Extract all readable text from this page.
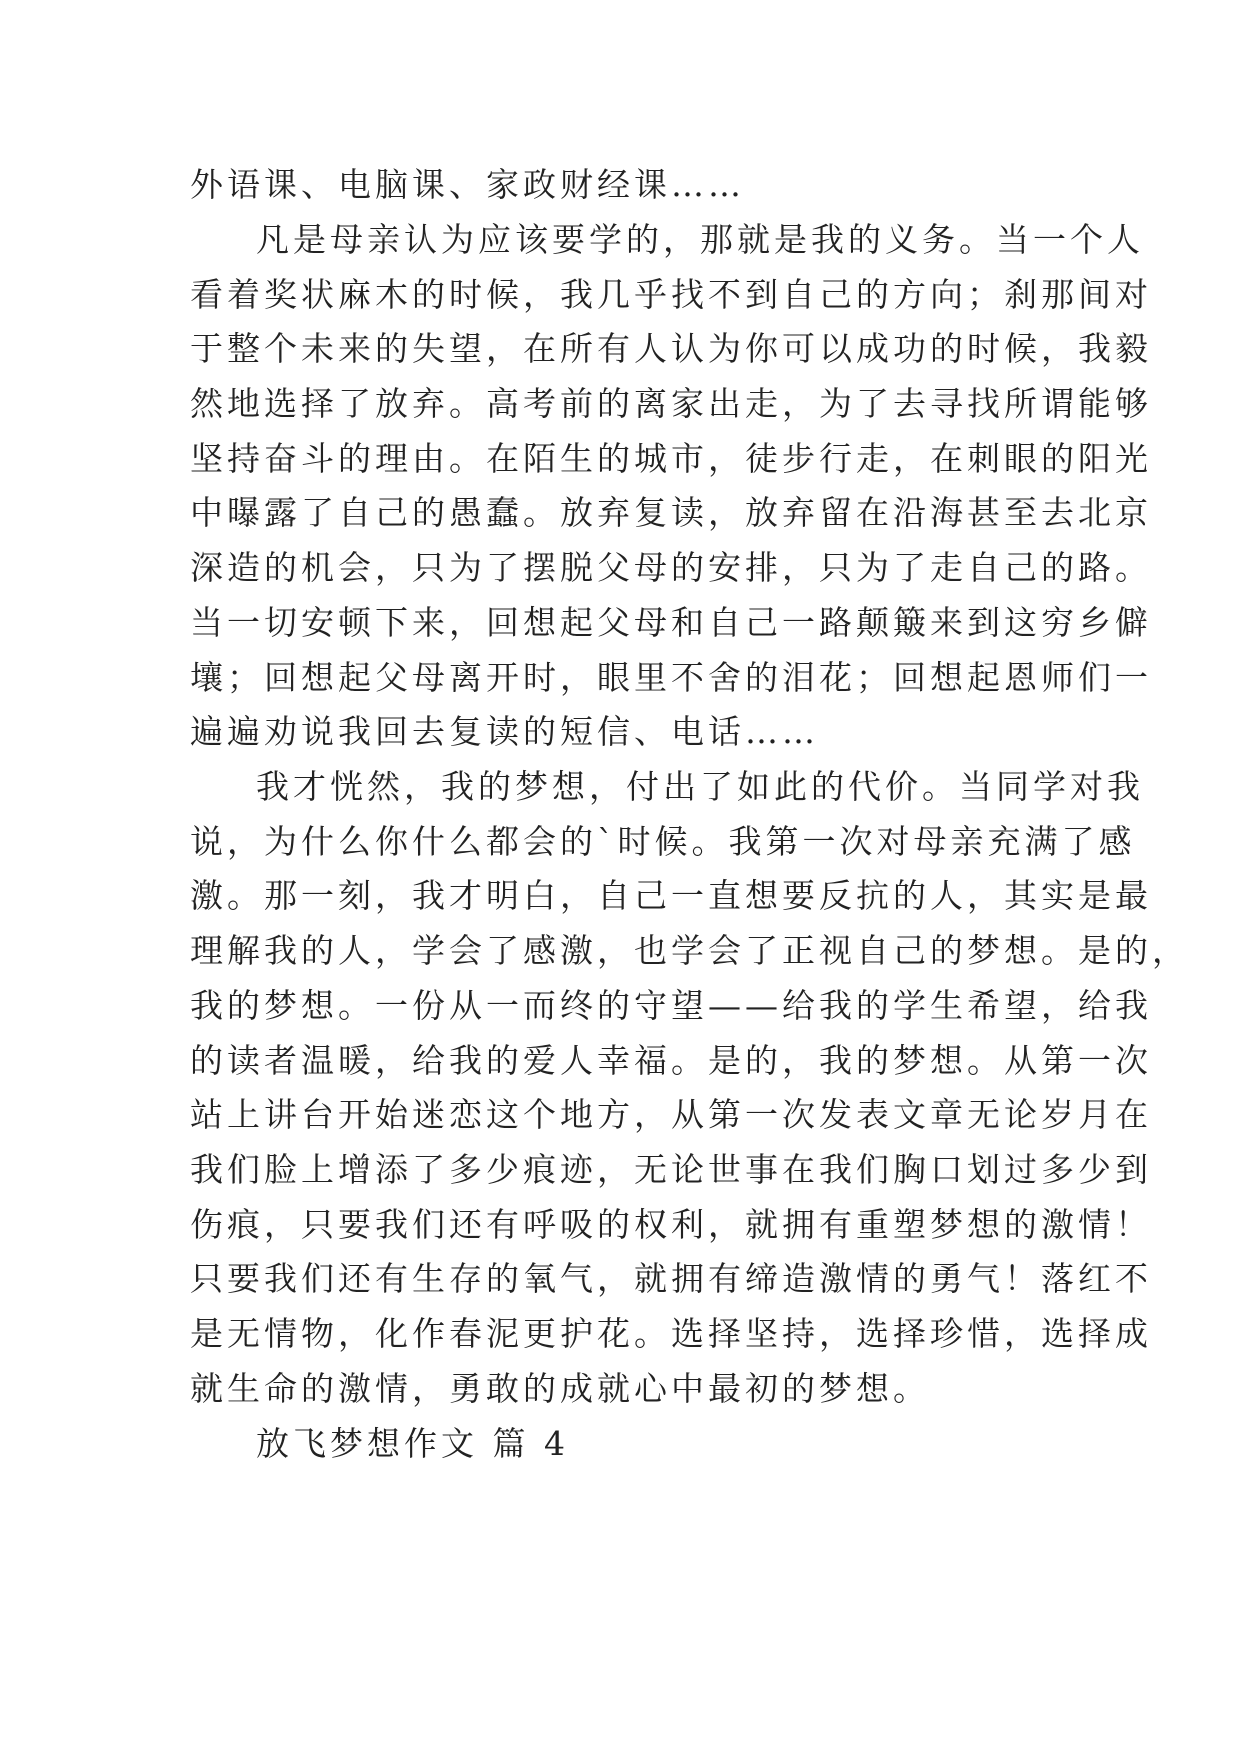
外语课、电脑课、家政财经课……
凡是母亲认为应该要学的，那就是我的义务。当一个人
看着奖状麻木的时候，我几乎找不到自己的方向；刹那间对
于整个未来的失望，在所有人认为你可以成功的时候，我毅
然地选择了放弃。高考前的离家出走，为了去寻找所谓能够
坚持奋斗的理由。在陌生的城市，徒步行走，在刺眼的阳光
中曝露了自己的愚蠢。放弃复读，放弃留在沿海甚至去北京
深造的机会，只为了摆脱父母的安排，只为了走自己的路。
当一切安顿下来，回想起父母和自己一路颠簸来到这穷乡僻
壤；回想起父母离开时，眼里不舍的泪花；回想起恩师们一
遍遍劝说我回去复读的短信、电话……
我才恍然，我的梦想，付出了如此的代价。当同学对我
说，为什么你什么都会的`时候。我第一次对母亲充满了感
激。那一刻，我才明白，自己一直想要反抗的人，其实是最
理解我的人，学会了感激，也学会了正视自己的梦想。是的，
我的梦想。一份从一而终的守望——给我的学生希望，给我
的读者温暖，给我的爱人幸福。是的，我的梦想。从第一次
站上讲台开始迷恋这个地方，从第一次发表文章无论岁月在
我们脸上增添了多少痕迹，无论世事在我们胸口划过多少到
伤痕，只要我们还有呼吸的权利，就拥有重塑梦想的激情！
只要我们还有生存的氧气，就拥有缔造激情的勇气！落红不
是无情物，化作春泥更护花。选择坚持，选择珍惜，选择成
就生命的激情，勇敢的成就心中最初的梦想。
放飞梦想作文 篇 4
